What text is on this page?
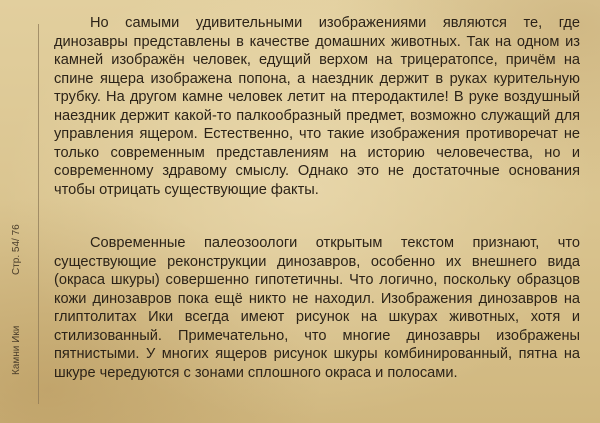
Стр. 54/ 76
Камни Ики

Но самыми удивительными изображениями являются те, где динозавры представлены в качестве домашних животных. Так на одном из камней изображён человек, едущий верхом на трицератопсе, причём на спине ящера изображена попона, а наездник держит в руках курительную трубку. На другом камне человек летит на птеродактиле! В руке воздушный наездник держит какой-то палкообразный предмет, возможно служащий для управления ящером. Естественно, что такие изображения противоречат не только современным представлениям на историю человечества, но и современному здравому смыслу. Однако это не достаточные основания чтобы отрицать существующие факты.

Современные палеозоологи открытым текстом признают, что существующие реконструкции динозавров, особенно их внешнего вида (окраса шкуры) совершенно гипотетичны. Что логично, поскольку образцов кожи динозавров пока ещё никто не находил. Изображения динозавров на глиптолитах Ики всегда имеют рисунок на шкурах животных, хотя и стилизованный. Примечательно, что многие динозавры изображены пятнистыми. У многих ящеров рисунок шкуры комбинированный, пятна на шкуре чередуются с зонами сплошного окраса и полосами.
